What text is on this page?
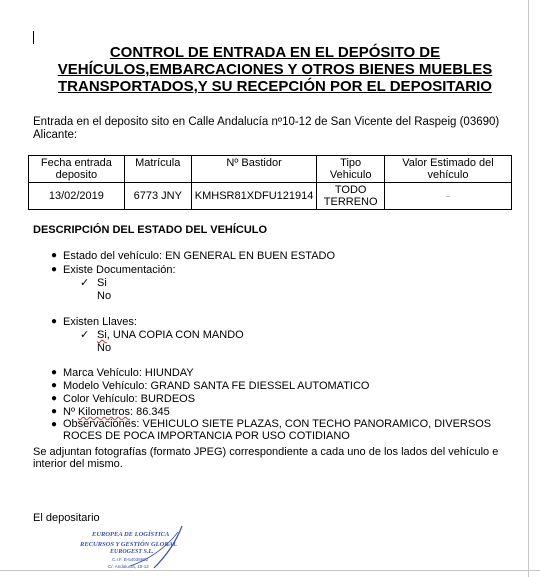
CONTROL DE ENTRADA EN EL DEPÓSITO DE
VEHÍCULOS,EMBARCACIONES Y OTROS BIENES MUEBLES
TRANSPORTADOS,Y SU RECEPCIÓN POR EL DEPOSITARIO
Entrada en el deposito sito en Calle Andalucía nº10-12 de San Vicente del Raspeig (03690)
Alicante:
Fecha entrada deposito	Matrícula	Nº Bastidor	Tipo Vehiculo	Valor Estimado del vehículo
13/02/2019	6773 JNY	KMHSR81XDFU121914	TODO TERRENO	
DESCRIPCIÓN DEL ESTADO DEL VEHÍCULO
● Estado del vehículo: EN GENERAL EN BUEN ESTADO
● Existe Documentación:
✓ Si
No
● Existen Llaves:
✓ Si, UNA COPIA CON MANDO
No
● Marca Vehículo: HIUNDAY
● Modelo Vehículo: GRAND SANTA FE DIESSEL AUTOMATICO
● Color Vehículo: BURDEOS
● Nº Kilometros: 86.345
● Observaciones: VEHICULO SIETE PLAZAS, CON TECHO PANORAMICO, DIVERSOS ROCES DE POCA IMPORTANCIA POR USO COTIDIANO
Se adjuntan fotografías (formato JPEG) correspondiente a cada uno de los lados del vehículo e interior del mismo.
El depositario
EUROPEA DE LOGÍSTICA
RECURSOS Y GESTIÓN GLOBAL
EUROGEST S.L.
C.I.F. B-54038602
C/. Andalucía, 10-12
